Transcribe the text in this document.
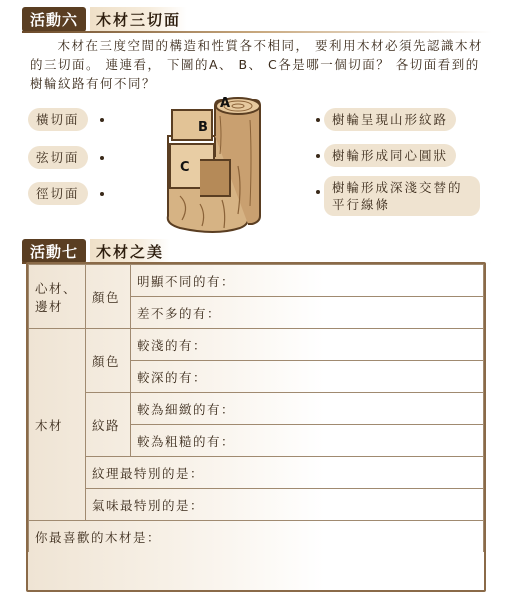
活動六	木材三切面

木材在三度空間的構造和性質各不相同， 要利用木材必須先認識木材的三切面。 連連看， 下圖的A、 B、 C各是哪一個切面？ 各切面看到的樹輪紋路有何不同？

橫切面
弦切面
徑切面
A
B
C
樹輪呈現山形紋路
樹輪形成同心圓狀
樹輪形成深淺交替的平行線條
活動七	木材之美
心材、邊材	顏色	明顯不同的有：
		差不多的有：
木材	顏色	較淺的有：
		較深的有：
	紋路	較為細緻的有：
		較為粗糙的有：
	紋理最特別的是：	
	氣味最特別的是：	
你最喜歡的木材是：		
